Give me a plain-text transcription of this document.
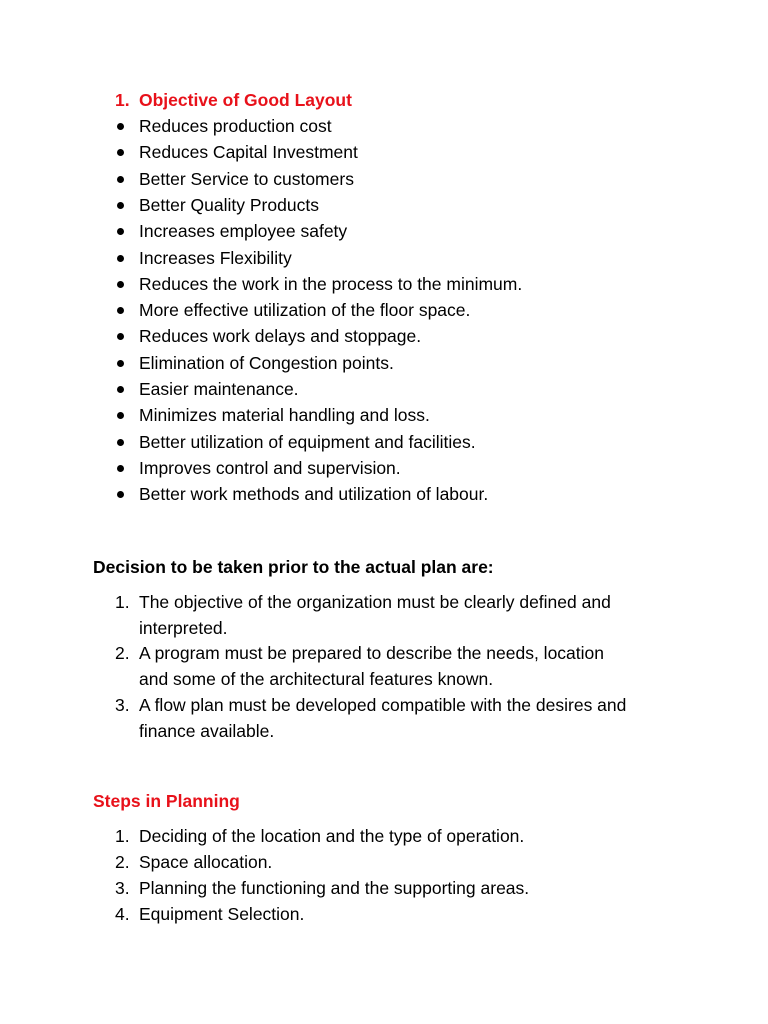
1. Objective of Good Layout
Reduces production cost
Reduces Capital Investment
Better Service to customers
Better Quality Products
Increases employee safety
Increases Flexibility
Reduces the work in the process to the minimum.
More effective utilization of the floor space.
Reduces work delays and stoppage.
Elimination of Congestion points.
Easier maintenance.
Minimizes material handling and loss.
Better utilization of equipment and facilities.
Improves control and supervision.
Better work methods and utilization of labour.
Decision to be taken prior to the actual plan are:
1. The objective of the organization must be clearly defined and
interpreted.
2. A program must be prepared to describe the needs, location
and some of the architectural features known.
3. A flow plan must be developed compatible with the desires and
finance available.
Steps in Planning
1. Deciding of the location and the type of operation.
2. Space allocation.
3. Planning the functioning and the supporting areas.
4. Equipment Selection.
